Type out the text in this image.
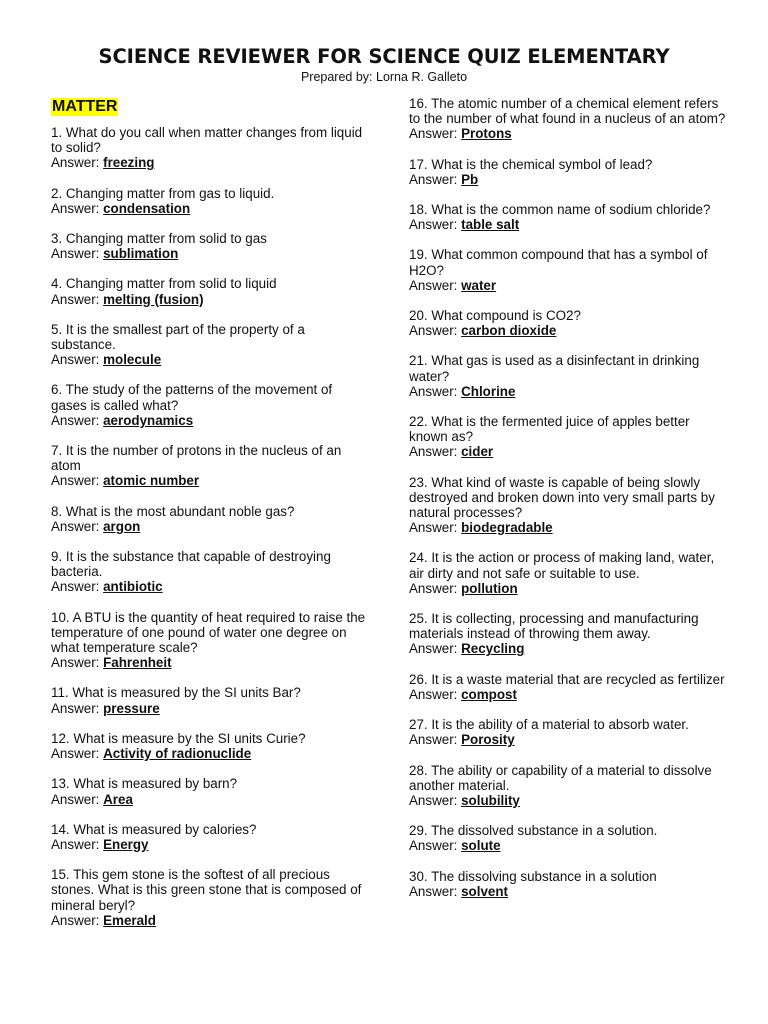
SCIENCE REVIEWER FOR SCIENCE QUIZ ELEMENTARY
Prepared by: Lorna R. Galleto
MATTER
1. What do you call when matter changes from liquid to solid?
Answer: freezing
2. Changing matter from gas to liquid.
Answer: condensation
3. Changing matter from solid to gas
Answer: sublimation
4. Changing matter from solid to liquid
Answer: melting (fusion)
5. It is the smallest part of the property of a substance.
Answer: molecule
6. The study of the patterns of the movement of gases is called what?
Answer: aerodynamics
7. It is the number of protons in the nucleus of an atom
Answer: atomic number
8. What is the most abundant noble gas?
Answer: argon
9. It is the substance that capable of destroying bacteria.
Answer: antibiotic
10. A BTU is the quantity of heat required to raise the temperature of one pound of water one degree on what temperature scale?
Answer: Fahrenheit
11. What is measured by the SI units Bar?
Answer: pressure
12. What is measure by the SI units Curie?
Answer: Activity of radionuclide
13. What is measured by barn?
Answer: Area
14. What is measured by calories?
Answer: Energy
15. This gem stone is the softest of all precious stones. What is this green stone that is composed of mineral beryl?
Answer: Emerald
16. The atomic number of a chemical element refers to the number of what found in a nucleus of an atom?
Answer: Protons
17. What is the chemical symbol of lead?
Answer: Pb
18. What is the common name of sodium chloride?
Answer: table salt
19. What common compound that has a symbol of H2O?
Answer: water
20. What compound is CO2?
Answer: carbon dioxide
21. What gas is used as a disinfectant in drinking water?
Answer: Chlorine
22. What is the fermented juice of apples better known as?
Answer: cider
23. What kind of waste is capable of being slowly destroyed and broken down into very small parts by natural processes?
Answer: biodegradable
24. It is the action or process of making land, water, air dirty and not safe or suitable to use.
Answer: pollution
25. It is collecting, processing and manufacturing materials instead of throwing them away.
Answer: Recycling
26. It is a waste material that are recycled as fertilizer
Answer: compost
27. It is the ability of a material to absorb water.
Answer: Porosity
28. The ability or capability of a material to dissolve another material.
Answer: solubility
29. The dissolved substance in a solution.
Answer: solute
30. The dissolving substance in a solution
Answer: solvent
